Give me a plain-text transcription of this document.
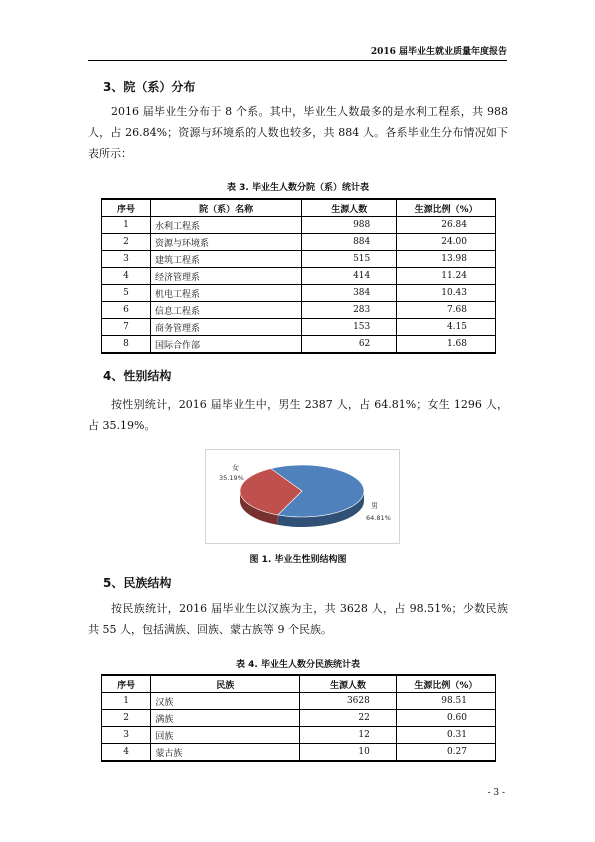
2016 届毕业生就业质量年度报告
3、院（系）分布

2016 届毕业生分布于 8 个系。其中，毕业生人数最多的是水利工程系，共 988 人，占 26.84%；资源与环境系的人数也较多，共 884 人。各系毕业生分布情况如下表所示：

表 3. 毕业生人数分院（系）统计表
序号	院（系）名称	生源人数	生源比例（%）
1	水利工程系	988	26.84
2	资源与环境系	884	24.00
3	建筑工程系	515	13.98
4	经济管理系	414	11.24
5	机电工程系	384	10.43
6	信息工程系	283	7.68
7	商务管理系	153	4.15
8	国际合作部	62	1.68
4、性别结构

按性别统计，2016 届毕业生中，男生 2387 人，占 64.81%；女生 1296 人，占 35.19%。

男
64.81%
女
35.19%
图 1. 毕业生性别结构图
5、民族结构

按民族统计，2016 届毕业生以汉族为主，共 3628 人，占 98.51%；少数民族共 55 人，包括满族、回族、蒙古族等 9 个民族。

表 4. 毕业生人数分民族统计表
序号	民族	生源人数	生源比例（%）
1	汉族	3628	98.51
2	满族	22	0.60
3	回族	12	0.31
4	蒙古族	10	0.27
- 3 -
